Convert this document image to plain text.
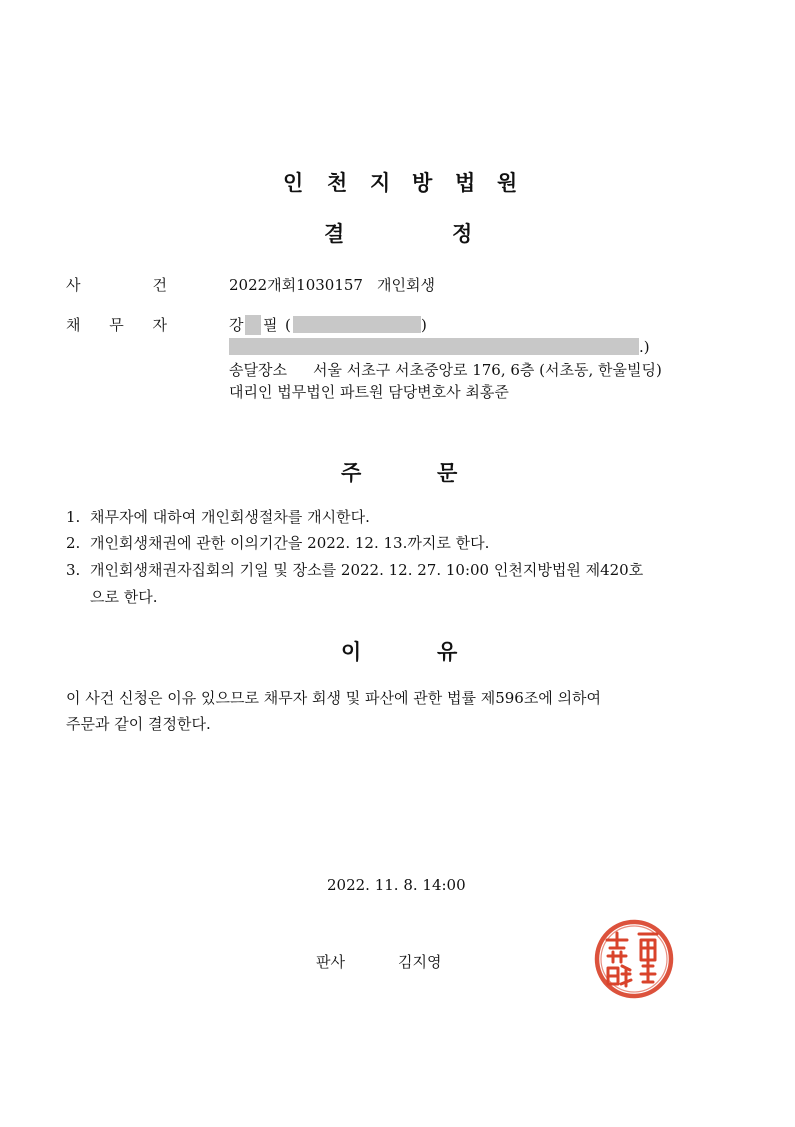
인 천 지 방 법 원
결	정
사	건	2022개회1030157 개인회생
채 무 자	강 필 (	)
.)
송달장소 서울 서초구 서초중앙로 176, 6층 (서초동, 한울빌딩)
대리인 법무법인 파트원 담당변호사 최홍준
주	문
1. 채무자에 대하여 개인회생절차를 개시한다.
2. 개인회생채권에 관한 이의기간을 2022. 12. 13.까지로 한다.
3. 개인회생채권자집회의 기일 및 장소를 2022. 12. 27. 10:00 인천지방법원 제420호
으로 한다.
이	유
이 사건 신청은 이유 있으므로 채무자 회생 및 파산에 관한 법률 제596조에 의하여
주문과 같이 결정한다.
2022. 11. 8. 14:00
판사	김지영
